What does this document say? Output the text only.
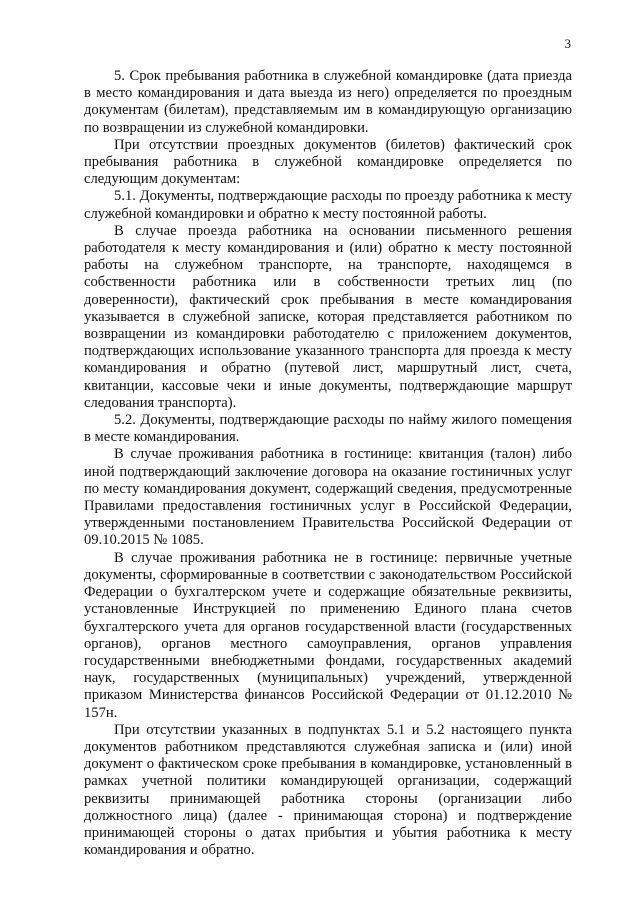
3

5. Срок пребывания работника в служебной командировке (дата приезда в место командирования и дата выезда из него) определяется по проездным документам (билетам), представляемым им в командирующую организацию по возвращении из служебной командировки.

При отсутствии проездных документов (билетов) фактический срок пребывания работника в служебной командировке определяется по следующим документам:

5.1. Документы, подтверждающие расходы по проезду работника к месту служебной командировки и обратно к месту постоянной работы.

В случае проезда работника на основании письменного решения работодателя к месту командирования и (или) обратно к месту постоянной работы на служебном транспорте, на транспорте, находящемся в собственности работника или в собственности третьих лиц (по доверенности), фактический срок пребывания в месте командирования указывается в служебной записке, которая представляется работником по возвращении из командировки работодателю с приложением документов, подтверждающих использование указанного транспорта для проезда к месту командирования и обратно (путевой лист, маршрутный лист, счета, квитанции, кассовые чеки и иные документы, подтверждающие маршрут следования транспорта).

5.2. Документы, подтверждающие расходы по найму жилого помещения в месте командирования.

В случае проживания работника в гостинице: квитанция (талон) либо иной подтверждающий заключение договора на оказание гостиничных услуг по месту командирования документ, содержащий сведения, предусмотренные Правилами предоставления гостиничных услуг в Российской Федерации, утвержденными постановлением Правительства Российской Федерации от 09.10.2015 № 1085.

В случае проживания работника не в гостинице: первичные учетные документы, сформированные в соответствии с законодательством Российской Федерации о бухгалтерском учете и содержащие обязательные реквизиты, установленные Инструкцией по применению Единого плана счетов бухгалтерского учета для органов государственной власти (государственных органов), органов местного самоуправления, органов управления государственными внебюджетными фондами, государственных академий наук, государственных (муниципальных) учреждений, утвержденной приказом Министерства финансов Российской Федерации от 01.12.2010 № 157н.

При отсутствии указанных в подпунктах 5.1 и 5.2 настоящего пункта документов работником представляются служебная записка и (или) иной документ о фактическом сроке пребывания в командировке, установленный в рамках учетной политики командирующей организации, содержащий реквизиты принимающей работника стороны (организации либо должностного лица) (далее - принимающая сторона) и подтверждение принимающей стороны о датах прибытия и убытия работника к месту командирования и обратно.
